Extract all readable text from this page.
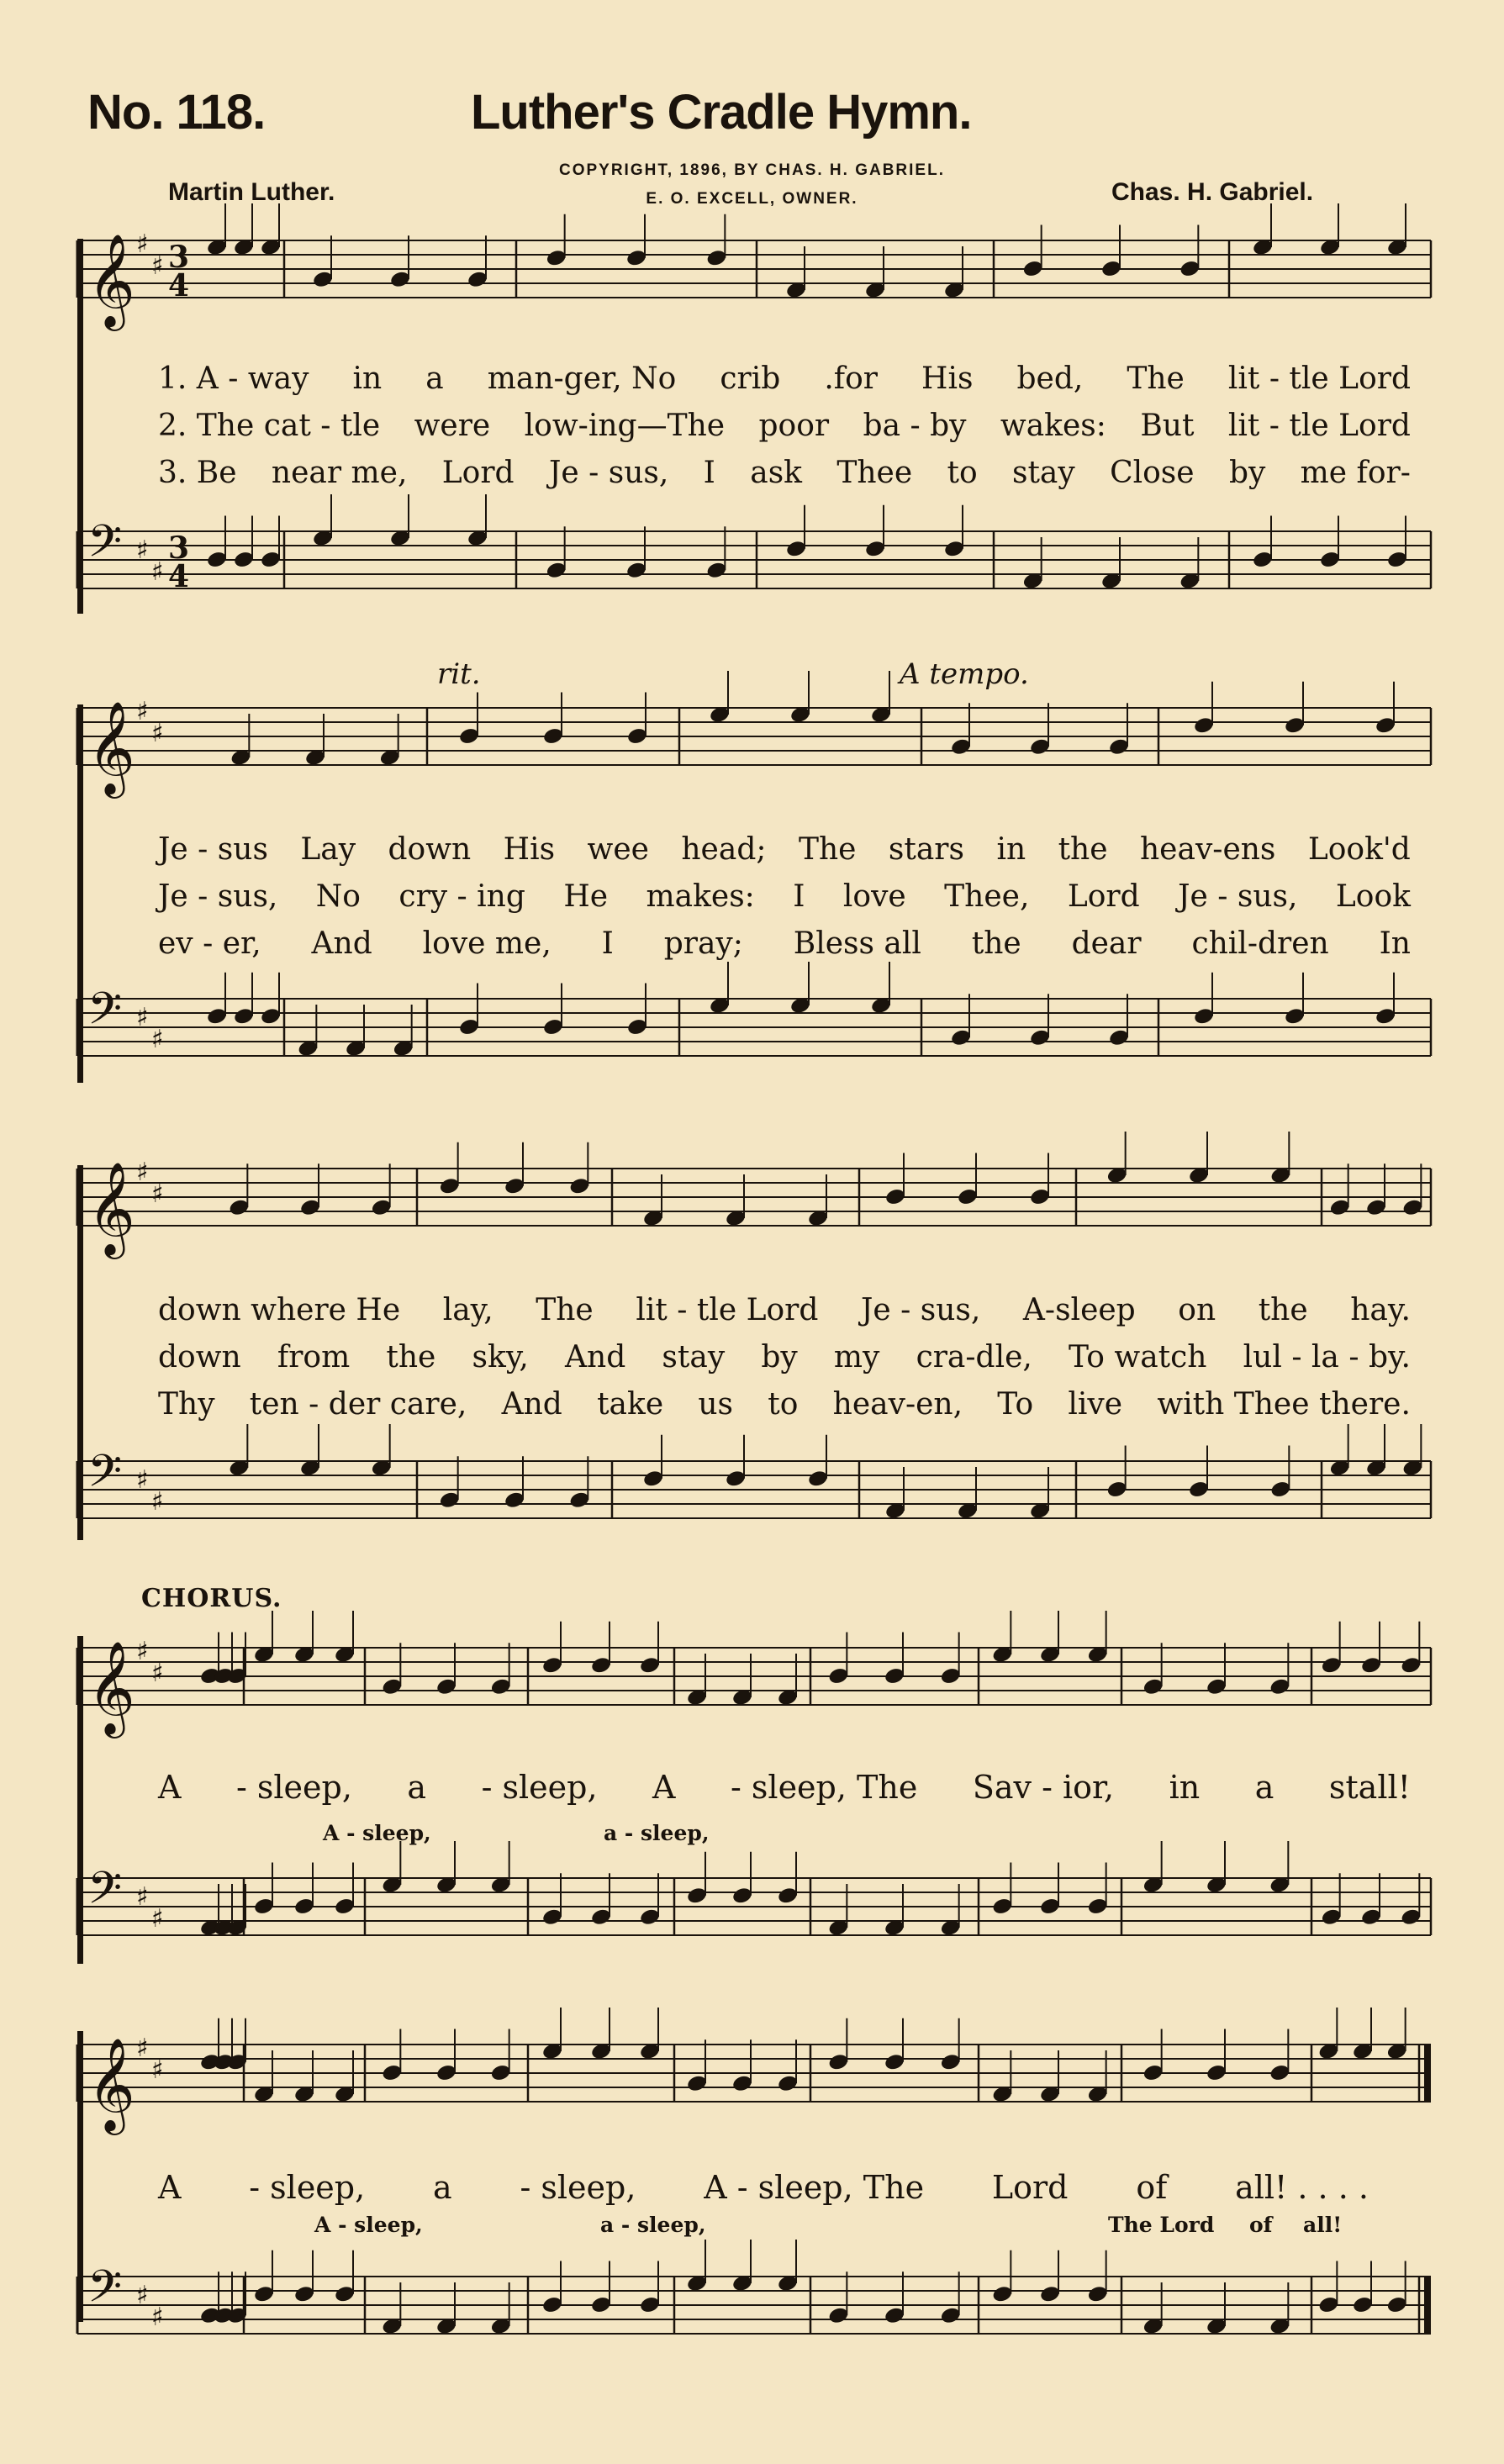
No. 118.	Luther's Cradle Hymn.
COPYRIGHT, 1896, BY CHAS. H. GABRIEL.
E. O. EXCELL, OWNER.
Martin Luther.	Chas. H. Gabriel.
𝄞 ♯
♯ 3
4
𝄢 ♯
♯
3
4
𝄞 ♯
♯
𝄢 ♯
♯
𝄞 ♯
♯
𝄢 ♯
♯
𝄞 ♯
♯
𝄢 ♯
♯
𝄞 ♯
♯
𝄢 ♯
♯
rit.	A tempo.
CHORUS.
1. A - way in a man-ger, No crib .for His bed, The lit - tle Lord
2. The cat - tle were low-ing—The poor ba - by wakes: But lit - tle Lord
3. Be near me, Lord Je - sus, I ask Thee to stay Close by me for-
Je - sus Lay down His wee head; The stars in the heav-ens Look'd
Je - sus, No cry - ing He makes: I love Thee, Lord Je - sus, Look
ev - er, And love me, I pray; Bless all the dear chil-dren In
down where He lay, The lit - tle Lord Je - sus, A-sleep on the hay.
down from the sky, And stay by my cra-dle, To watch lul - la - by.
Thy ten - der care, And take us to heav-en, To live with Thee there.
A - sleep, a - sleep, A - sleep, The Sav - ior, in a stall!
A - sleep,	a - sleep,
A - sleep, a - sleep, A - sleep, The Lord of all! . . . .
A - sleep,	a - sleep,	The Lord of all!
